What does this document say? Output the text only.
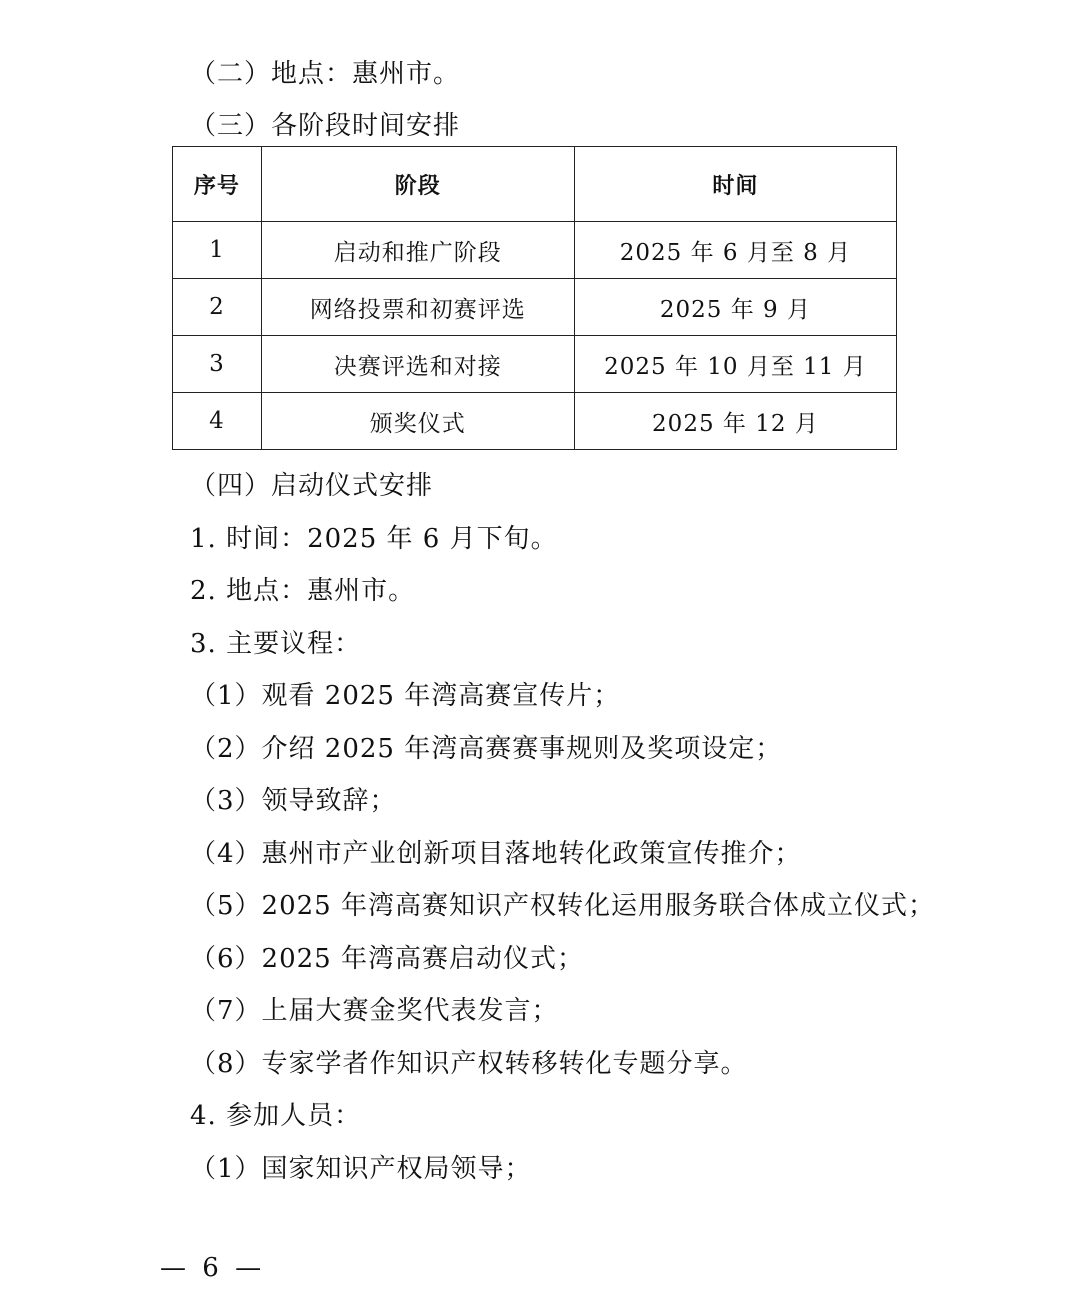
（二）地点：惠州市。
（三）各阶段时间安排
序号	阶段	时间
1	启动和推广阶段	2025 年 6 月至 8 月
2	网络投票和初赛评选	2025 年 9 月
3	决赛评选和对接	2025 年 10 月至 11 月
4	颁奖仪式	2025 年 12 月
（四）启动仪式安排
1. 时间：2025 年 6 月下旬。
2. 地点：惠州市。
3. 主要议程：
（1）观看 2025 年湾高赛宣传片；
（2）介绍 2025 年湾高赛赛事规则及奖项设定；
（3）领导致辞；
（4）惠州市产业创新项目落地转化政策宣传推介；
（5）2025 年湾高赛知识产权转化运用服务联合体成立仪式；
（6）2025 年湾高赛启动仪式；
（7）上届大赛金奖代表发言；
（8）专家学者作知识产权转移转化专题分享。
4. 参加人员：
（1）国家知识产权局领导；
— 6 —
